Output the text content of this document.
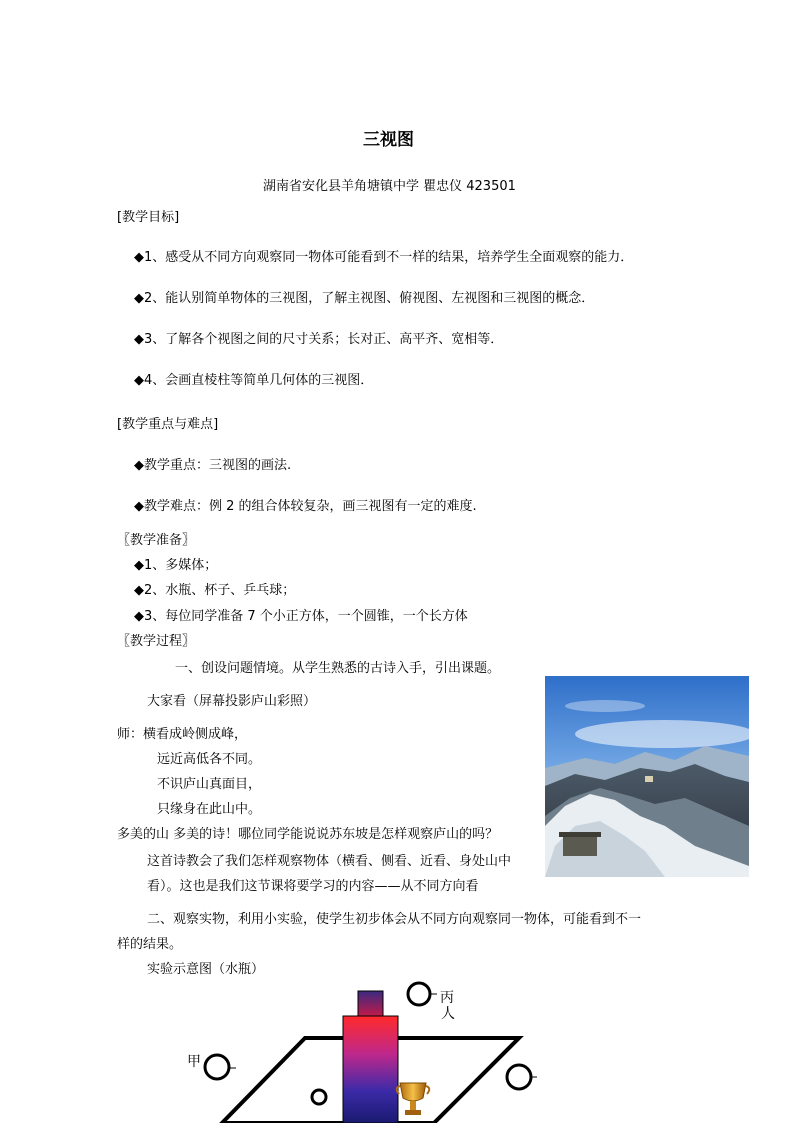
三视图
湖南省安化县羊角塘镇中学 瞿忠仪 423501
[教学目标]
◆1、感受从不同方向观察同一物体可能看到不一样的结果，培养学生全面观察的能力．
◆2、能认别简单物体的三视图，了解主视图、俯视图、左视图和三视图的概念．
◆3、了解各个视图之间的尺寸关系；长对正、高平齐、宽相等．
◆4、会画直棱柱等简单几何体的三视图．
[教学重点与难点]
◆教学重点：三视图的画法.
◆教学难点：例 2 的组合体较复杂，画三视图有一定的难度.
〖教学准备〗
◆1、多媒体；
◆2、水瓶、杯子、乒乓球；
◆3、每位同学准备 7 个小正方体，一个圆锥，一个长方体
〖教学过程〗
一、创设问题情境。从学生熟悉的古诗入手，引出课题。
大家看（屏幕投影庐山彩照）
师：横看成岭侧成峰，
远近高低各不同。
不识庐山真面目，
只缘身在此山中。
多美的山 多美的诗！哪位同学能说说苏东坡是怎样观察庐山的吗？
这首诗教会了我们怎样观察物体（横看、侧看、近看、身处山中
看）。这也是我们这节课将要学习的内容——从不同方向看
二、观察实物，利用小实验，使学生初步体会从不同方向观察同一物体，可能看到不一
样的结果。
实验示意图（水瓶）
甲
丙
人
